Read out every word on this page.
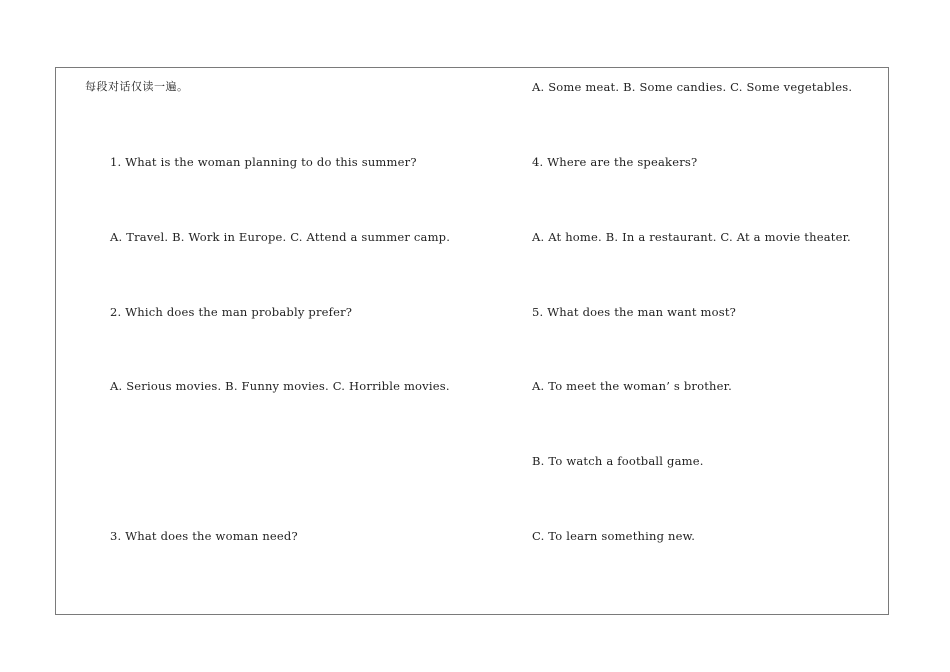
每段对话仅读一遍。
1. What is the woman planning to do this summer?
A. Travel. B. Work in Europe. C. Attend a summer camp.
2. Which does the man probably prefer?
A. Serious movies. B. Funny movies. C. Horrible movies.
3. What does the woman need?
A. Some meat. B. Some candies. C. Some vegetables.
4. Where are the speakers?
A. At home. B. In a restaurant. C. At a movie theater.
5. What does the man want most?
A. To meet the woman’ s brother.
B. To watch a football game.
C. To learn something new.
